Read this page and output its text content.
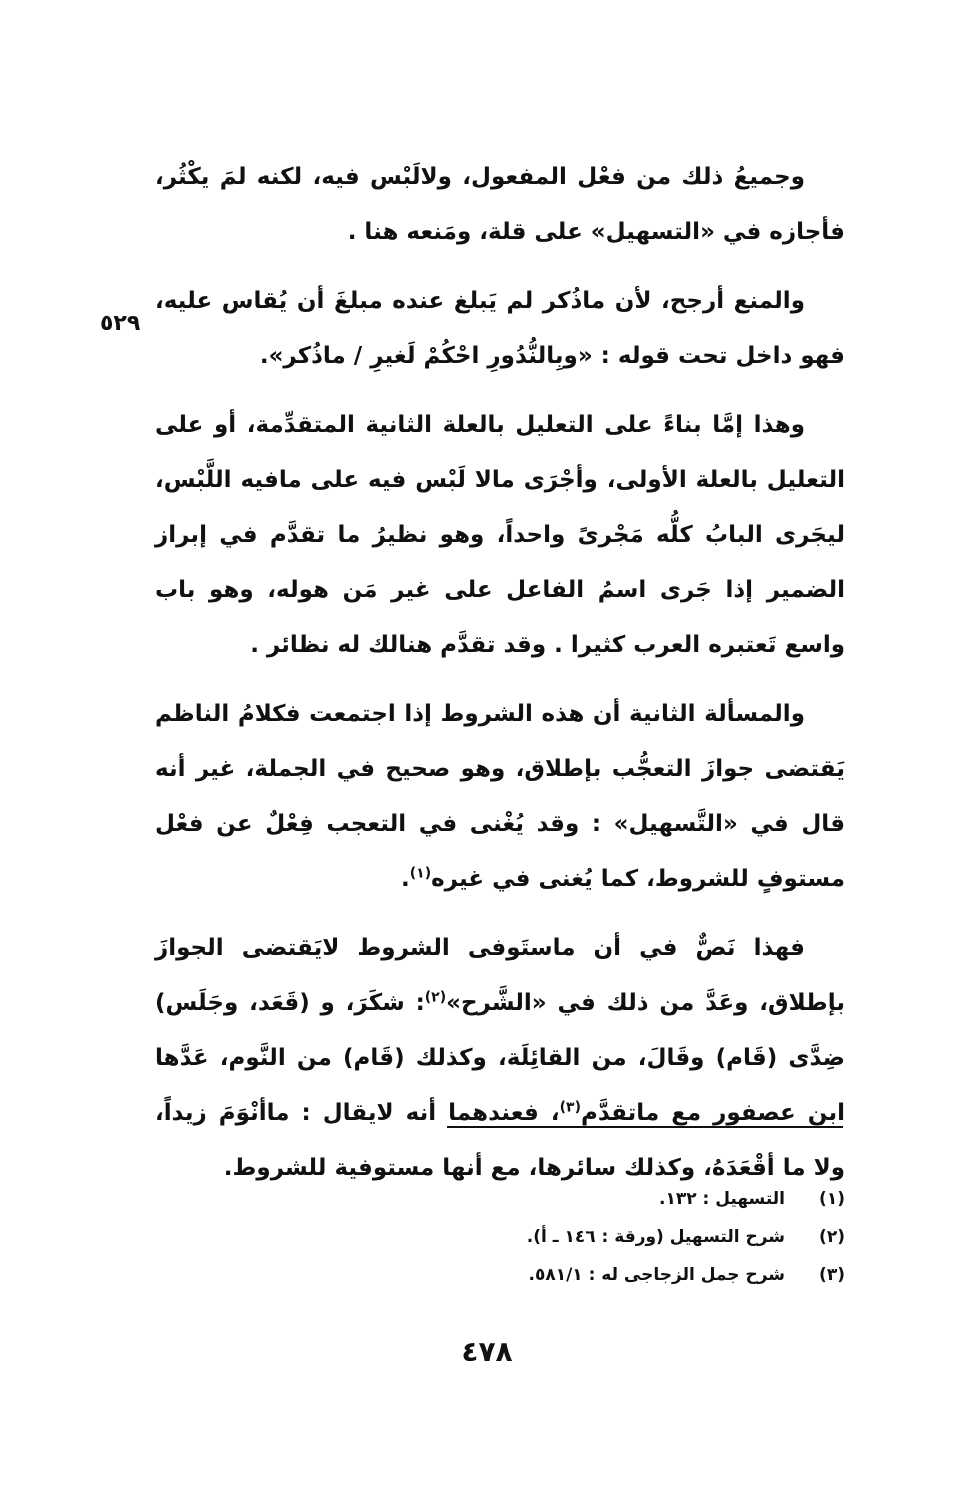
٥٢٩

وجميعُ ذلك من فعْل المفعول، ولالَبْس فيه، لكنه لمَ يكْثُر، فأجازه في «التسهيل» على قلة، ومَنعه هنا .

والمنع أرجح، لأن ماذُكر لم يَبلغ عنده مبلغَ أن يُقاس عليه، فهو داخل تحت قوله : «وبِالنُّدُورِ احْكُمْ لَغيرِ / ماذُكر».

وهذا إمَّا بناءً على التعليل بالعلة الثانية المتقدِّمة، أو على التعليل بالعلة الأولى، وأجْرَى مالا لَبْس فيه على مافيه اللَّبْس، ليجَرى البابُ كلُّه مَجْرىً واحداً، وهو نظيرُ ما تقدَّم في إبراز الضمير إذا جَرى اسمُ الفاعل على غير مَن هوله، وهو باب واسع تَعتبره العرب كثيرا . وقد تقدَّم هنالك له نظائر .

والمسألة الثانية أن هذه الشروط إذا اجتمعت فكلامُ الناظم يَقتضى جوازَ التعجُّب بإطلاق، وهو صحيح في الجملة، غير أنه قال في «التَّسهيل» : وقد يُغْنى في التعجب فِعْلٌ عن فعْل مستوفٍ للشروط، كما يُغنى في غيره$^{(١)}$.

فهذا نَصٌّ في أن ماستَوفى الشروط لايَقتضى الجوازَ بإطلاق، وعَدَّ من ذلك في «الشَّرح»$^{(٢)}$: شكَرَ، و (قَعَد، وجَلَس) ضِدَّى (قَام) وقَالَ، من القائِلَة، وكذلك (قَام) من النَّوم، عَدَّها ابن عصفور مع ماتقدَّم$^{(٣)}$، فعندهما أنه لايقال : ماأنْوَمَ زيداً، ولا ما أقْعَدَهُ، وكذلك سائرها، مع أنها مستوفية للشروط.

(١)
التسهيل : ١٣٢.
(٢)
شرح التسهيل (ورقة : ١٤٦ ـ أ).
(٣)
شرح جمل الزجاجى له : ٥٨١/١.
٤٧٨
